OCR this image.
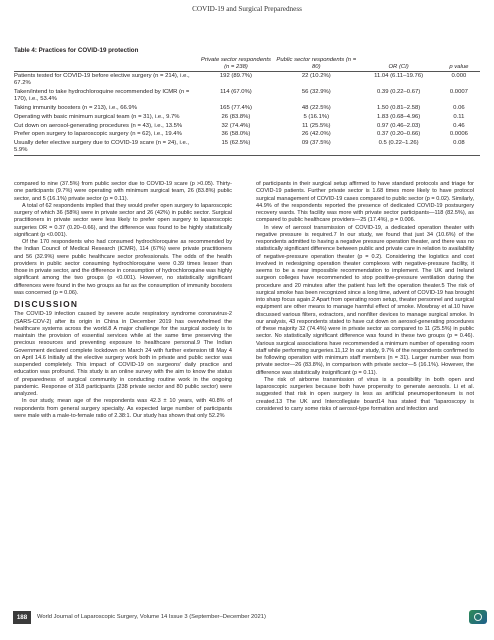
COVID-19 and Surgical Preparedness
Table 4: Practices for COVID-19 protection
	Private sector respondents (n = 238)	Public sector respondents (n = 80)	OR (CI)	p value
Patients tested for COVID-19 before elective surgery (n = 214), i.e., 67.2%	192 (89.7%)	22 (10.2%)	11.04 (6.11–19.76)	0.000
Taken/intend to take hydrochloroquine recommended by ICMR (n = 170), i.e., 53.4%	114 (67.0%)	56 (32.9%)	0.39 (0.22–0.67)	0.0007
Taking immunity boosters (n = 213), i.e., 66.9%	165 (77.4%)	48 (22.5%)	1.50 (0.81–2.58)	0.06
Operating with basic minimum surgical team (n = 31), i.e., 9.7%	26 (83.8%)	5 (16.1%)	1.83 (0.68–4.96)	0.11
Cut down on aerosol-generating procedures (n = 43), i.e., 13.5%	32 (74.4%)	11 (25.5%)	0.97 (0.46–2.03)	0.46
Prefer open surgery to laparoscopic surgery (n = 62), i.e., 19.4%	36 (58.0%)	26 (42.0%)	0.37 (0.20–0.66)	0.0006
Usually defer elective surgery due to COVID-19 scare (n = 24), i.e., 5.9%	15 (62.5%)	09 (37.5%)	0.5 (0.22–1.26)	0.08

compared to nine (37.5%) from public sector due to COVID-19 scare (p >0.05). Thirty-one participants (9.7%) were operating with minimum surgical team, 26 (83.8%) public sector, and 5 (16.1%) private sector (p = 0.11).

A total of 62 respondents implied that they would prefer open surgery to laparoscopic surgery of which 36 (58%) were in private sector and 26 (42%) in public sector. Surgical practitioners in private sector were less likely to prefer open surgery to laparoscopic surgeries OR = 0.37 (0.20–0.66), and the difference was found to be highly statistically significant (p <0.001).

Of the 170 respondents who had consumed hydrochloroquine as recommended by the Indian Council of Medical Research (ICMR), 114 (67%) were private practitioners and 56 (32.9%) were public healthcare sector professionals. The odds of the health providers in public sector consuming hydrochloroquine were 0.39 times lesser than those in private sector, and the difference in consumption of hydrochloroquine was highly significant among the two groups (p <0.001). However, no statistically significant differences were found in the two groups as far as the consumption of immunity boosters was concerned (p = 0.06).

DISCUSSION

The COVID-19 infection caused by severe acute respiratory syndrome coronavirus-2 (SARS-COV-2) after its origin in China in December 2019 has overwhelmed the healthcare systems across the world.8 A major challenge for the surgical society is to maintain the provision of essential services while at the same time preserving the precious resources and preventing exposure to healthcare personal.9 The Indian Government declared complete lockdown on March 24 with further extension till May 4 on April 14.6 Initially all the elective surgery work both in private and public sector was suspended completely. This impact of COVID-19 on surgeons' daily practice and education was profound. This study is an online survey with the aim to know the status of preparedness of surgical community in conducting routine work in the ongoing pandemic. Response of 318 participants (238 private sector and 80 public sector) were analyzed.

In our study, mean age of the respondents was 42.3 ± 10 years, with 40.8% of respondents from general surgery specialty. As expected large number of participants were male with a male-to-female ratio of 2.38:1. Our study has shown that only 52.2%

of participants in their surgical setup affirmed to have standard protocols and triage for COVID-19 patients. Further private sector is 1.68 times more likely to have protocol surgical management of COVID-19 cases compared to public sector (p = 0.02). Similarly, 44.9% of the respondents reported the presence of dedicated COVID-19 postsurgery recovery wards. This facility was more with private sector participants—118 (82.5%), as compared to public healthcare providers—25 (17.4%), p = 0.006.

In view of aerosol transmission of COVID-19, a dedicated operation theater with negative pressure is required.7 In our study, we found that just 34 (10.6%) of the respondents admitted to having a negative pressure operation theater, and there was no statistically significant difference between public and private care in relation to availability of negative-pressure operation theater (p = 0.2). Considering the logistics and cost involved in redesigning operation theater complexes with negative-pressure facility, it seems to be a near impossible recommendation to implement. The UK and Ireland surgeon colleges have recommended to stop positive-pressure ventilation during the procedure and 20 minutes after the patient has left the operation theater.5 The risk of surgical smoke has been recognized since a long time, advent of COVID-19 has brought into sharp focus again.2 Apart from operating room setup, theater personnel and surgical equipment are other means to manage harmful effect of smoke. Mowbray et al.10 have discussed various filters, extractors, and nonfilter devices to manage surgical smoke. In our analysis, 43 respondents stated to have cut down on aerosol-generating procedures of these majority 32 (74.4%) were in private sector as compared to 11 (25.5%) in public sector. No statistically significant difference was found in these two groups (p = 0.46). Various surgical associations have recommended a minimum number of operating room staff while performing surgeries.11,12 In our study, 9.7% of the respondents confirmed to be following operation with minimum staff members (n = 31). Larger number was from private sector—26 (83.8%), in comparison with private sector—5 (16.1%). However, the difference was statistically insignificant (p = 0.11).

The risk of airborne transmission of virus is a possibility in both open and laparoscopic surgeries because both have propensity to generate aerosols. Li et al. suggested that risk in open surgery is less as artificial pneumoperitoneum is not created.13 The UK and Intercollegiate board14 has stated that "laparoscopy is considered to carry some risks of aerosol-type formation and infection and

188	World Journal of Laparoscopic Surgery, Volume 14 Issue 3 (September–December 2021)
